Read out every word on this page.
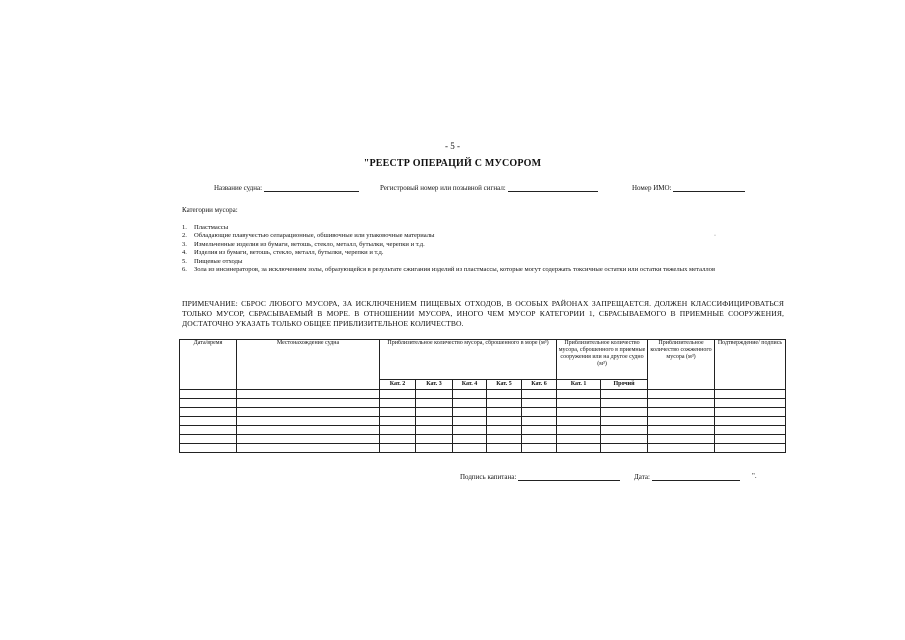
- 5 -
"РЕЕСТР ОПЕРАЦИЙ С МУСОРОМ
Название судна:	Регистровый номер или позывной сигнал:	Номер ИМО:
Категории мусора:
1.	Пластмассы
2.	Обладающие плавучестью сепарационные, обшивочные или упаковочные материалы
3.	Измельченные изделия из бумаги, ветошь, стекло, металл, бутылки, черепки и т.д.
4.	Изделия из бумаги, ветошь, стекло, металл, бутылки, черепки и т.д.
5.	Пищевые отходы
6.	Зола из инсинераторов, за исключением золы, образующейся в результате сжигания изделий из пластмассы, которые могут содержать токсичные остатки или остатки тяжелых металлов
·
ПРИМЕЧАНИЕ: СБРОС ЛЮБОГО МУСОРА, ЗА ИСКЛЮЧЕНИЕМ ПИЩЕВЫХ ОТХОДОВ, В ОСОБЫХ РАЙОНАХ ЗАПРЕЩАЕТСЯ. ДОЛЖЕН КЛАССИФИЦИРОВАТЬСЯ ТОЛЬКО МУСОР, СБРАСЫВАЕМЫЙ В МОРЕ. В ОТНОШЕНИИ МУСОРА, ИНОГО ЧЕМ МУСОР КАТЕГОРИИ 1, СБРАСЫВАЕМОГО В ПРИЕМНЫЕ СООРУЖЕНИЯ, ДОСТАТОЧНО УКАЗАТЬ ТОЛЬКО ОБЩЕЕ ПРИБЛИЗИТЕЛЬНОЕ КОЛИЧЕСТВО.
Дата/время	Местонахождение судна	Приблизительное количество мусора, сброшенного в море (м³)					Приблизительное количество мусора, сброшенного в приемные сооружения или на другое судно (м³)		Приблизительное количество сожженного мусора (м³)	Подтверждение/ подпись
		Кат. 2	Кат. 3	Кат. 4	Кат. 5	Кат. 6	Кат. 1	Прочий		

Подпись капитана:	Дата:	".
